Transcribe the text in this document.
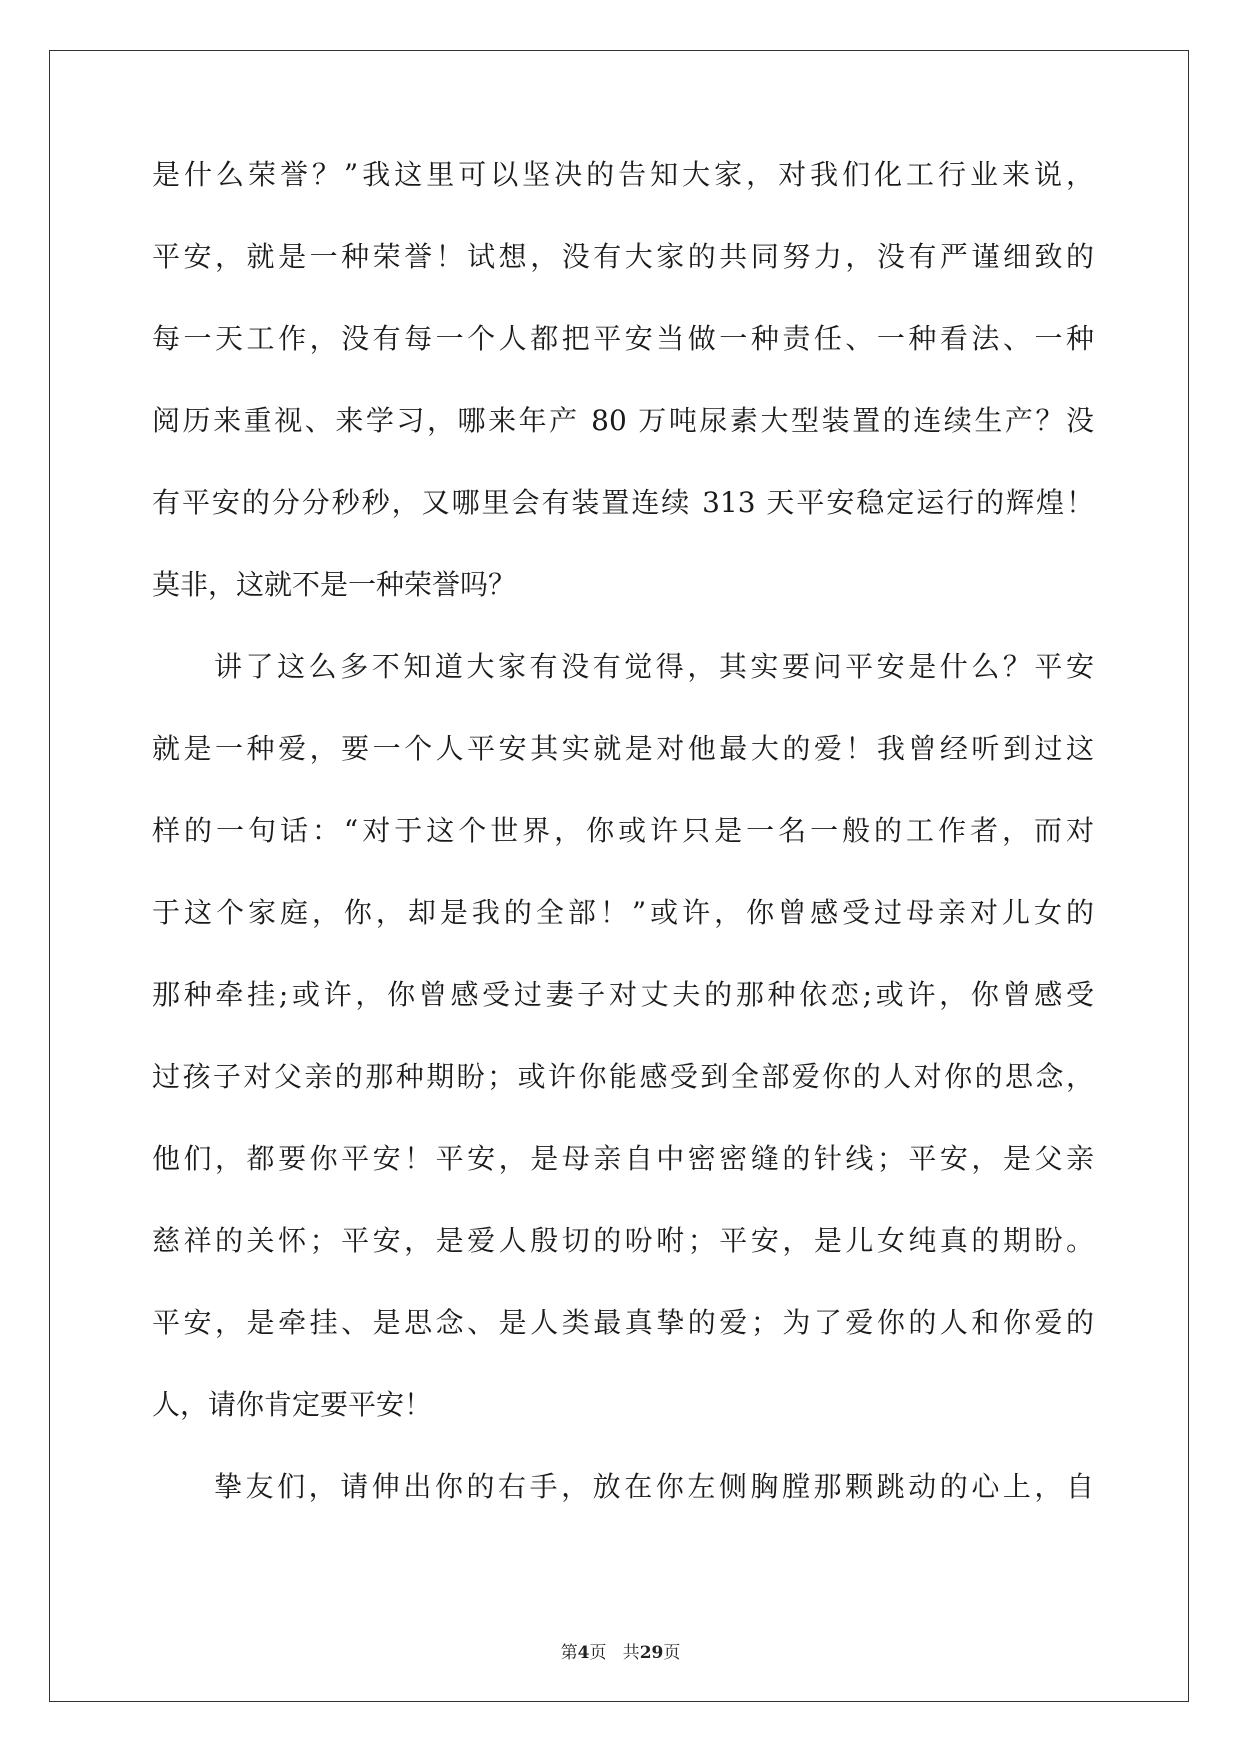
是什么荣誉？”我这里可以坚决的告知大家，对我们化工行业来说，
平安，就是一种荣誉！试想，没有大家的共同努力，没有严谨细致的
每一天工作，没有每一个人都把平安当做一种责任、一种看法、一种
阅历来重视、来学习，哪来年产 80 万吨尿素大型装置的连续生产？没
有平安的分分秒秒，又哪里会有装置连续 313 天平安稳定运行的辉煌！
莫非，这就不是一种荣誉吗？
讲了这么多不知道大家有没有觉得，其实要问平安是什么？平安
就是一种爱，要一个人平安其实就是对他最大的爱！我曾经听到过这
样的一句话：“对于这个世界，你或许只是一名一般的工作者，而对
于这个家庭，你，却是我的全部！”或许，你曾感受过母亲对儿女的
那种牵挂;或许，你曾感受过妻子对丈夫的那种依恋;或许，你曾感受
过孩子对父亲的那种期盼；或许你能感受到全部爱你的人对你的思念，
他们，都要你平安！平安，是母亲自中密密缝的针线；平安，是父亲
慈祥的关怀；平安，是爱人殷切的吩咐；平安，是儿女纯真的期盼。
平安，是牵挂、是思念、是人类最真挚的爱；为了爱你的人和你爱的
人，请你肯定要平安！
挚友们，请伸出你的右手，放在你左侧胸膛那颗跳动的心上，自
第4页   共29页
